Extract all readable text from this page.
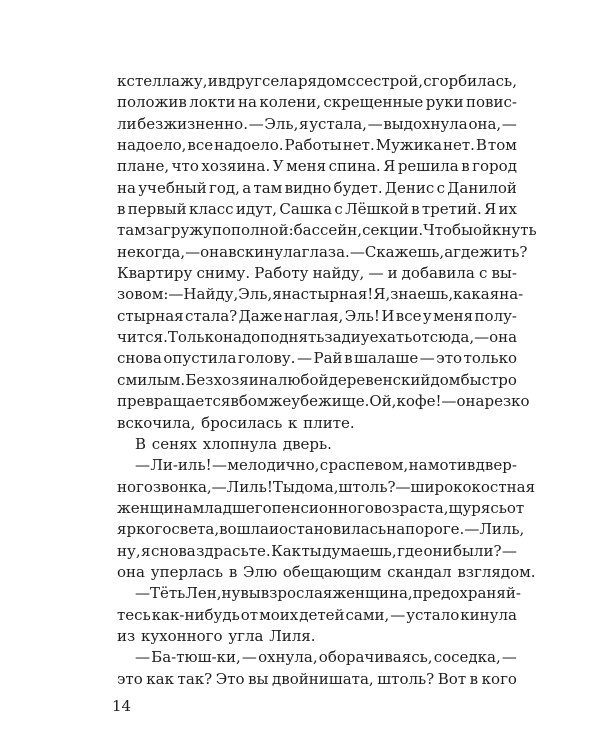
к стеллажу, и вдруг села рядом с сестрой, сгорбилась,
положив локти на колени, скрещенные руки повис-
ли безжизненно. — Эль, я устала, — выдохнула она, —
надоело, все надоело. Работы нет. Мужика нет. В том
плане, что хозяина. У меня спина. Я решила в город
на учебный год, а там видно будет. Денис с Данилой
в первый класс идут, Сашка с Лёшкой в третий. Я их
там загружу по полной: бассейн, секции. Чтобы ойкнуть
некогда, — она вскинула глаза. — Скажешь, а где жить?
Квартиру сниму. Работу найду, — и добавила с вы-
зовом: — Найду, Эль, я настырная! Я, знаешь, какая на-
стырная стала? Даже наглая, Эль! И все у меня полу-
чится. Только надо поднять зад и уехать отсюда, — она
снова опустила голову. — Рай в шалаше — это только
с милым. Без хозяина любой деревенский дом быстро
превращается в бомжеубежище. Ой, кофе! — она резко
вскочила, бросилась к плите.
В сенях хлопнула дверь.
— Ли-иль! — мелодично, с распевом, на мотив двер-
ного звонка, — Лиль! Ты дома, штоль? — ширококостная
женщина младшего пенсионного возраста, щурясь от
яркого света, вошла и остановилась на пороге. — Лиль,
ну, я снова здрасьте. Как ты думаешь, где они были? —
она уперлась в Элю обещающим скандал взглядом.
— Тёть Лен, ну вы взрослая женщина, предохраняй-
тесь как-нибудь от моих детей сами, — устало кинула
из кухонного угла Лиля.
— Ба-тюш-ки, — охнула, оборачиваясь, соседка, —
это как так? Это вы двойнишата, штоль? Вот в кого
14
